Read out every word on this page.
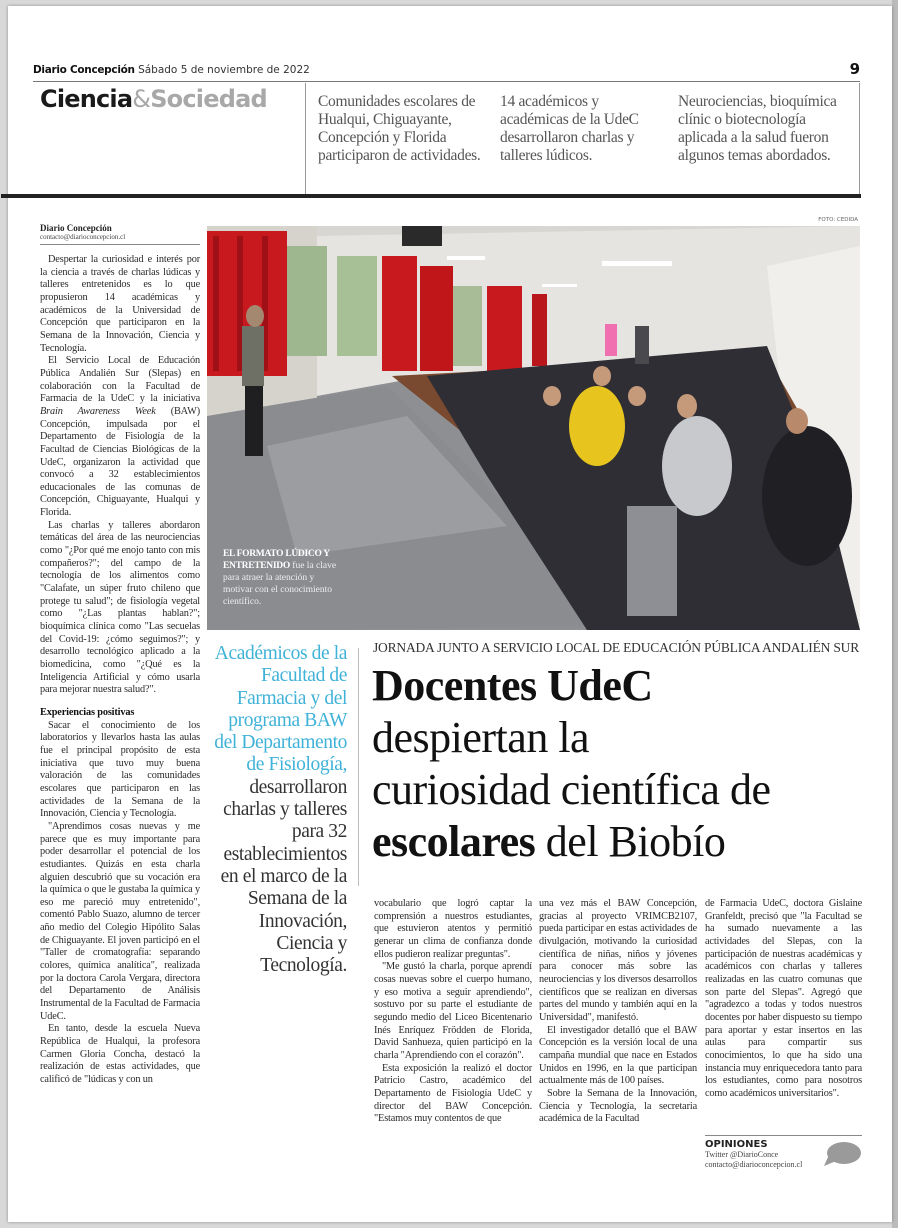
Diario Concepción Sábado 5 de noviembre de 2022	9
Ciencia&Sociedad	Comunidades escolares de Hualqui, Chiguayante, Concepción y Florida participaron de actividades.
14 académicos y académicas de la UdeC desarrollaron charlas y talleres lúdicos.
Neurociencias, bioquímica clínic o biotecnología aplicada a la salud fueron algunos temas abordados.
Diario Concepción
contacto@diarioconcepcion.cl
FOTO: CEDIDA
EL FORMATO LÚDICO Y ENTRETENIDO fue la clave para atraer la atención y motivar con el conocimiento científico.

Despertar la curiosidad e interés por la ciencia a través de charlas lúdicas y talleres entretenidos es lo que propusieron 14 académicas y académicos de la Universidad de Concepción que participaron en la Semana de la Innovación, Ciencia y Tecnología.

El Servicio Local de Educación Pública Andalién Sur (Slepas) en colaboración con la Facultad de Farmacia de la UdeC y la iniciativa Brain Awareness Week (BAW) Concepción, impulsada por el Departamento de Fisiología de la Facultad de Ciencias Biológicas de la UdeC, organizaron la actividad que convocó a 32 establecimientos educacionales de las comunas de Concepción, Chiguayante, Hualqui y Florida.

Las charlas y talleres abordaron temáticas del área de las neurociencias como "¿Por qué me enojo tanto con mis compañeros?"; del campo de la tecnología de los alimentos como "Calafate, un súper fruto chileno que protege tu salud"; de fisiología vegetal como "¿Las plantas hablan?"; bioquímica clínica como "Las secuelas del Covid-19: ¿cómo seguimos?"; y desarrollo tecnológico aplicado a la biomedicina, como "¿Qué es la Inteligencia Artificial y cómo usarla para mejorar nuestra salud?".

Experiencias positivas

Sacar el conocimiento de los laboratorios y llevarlos hasta las aulas fue el principal propósito de esta iniciativa que tuvo muy buena valoración de las comunidades escolares que participaron en las actividades de la Semana de la Innovación, Ciencia y Tecnología.

"Aprendimos cosas nuevas y me parece que es muy importante para poder desarrollar el potencial de los estudiantes. Quizás en esta charla alguien descubrió que su vocación era la química o que le gustaba la química y eso me pareció muy entretenido", comentó Pablo Suazo, alumno de tercer año medio del Colegio Hipólito Salas de Chiguayante. El joven participó en el "Taller de cromatografía: separando colores, química analítica", realizada por la doctora Carola Vergara, directora del Departamento de Análisis Instrumental de la Facultad de Farmacia UdeC.

En tanto, desde la escuela Nueva República de Hualqui, la profesora Carmen Gloria Concha, destacó la realización de estas actividades, que calificó de "lúdicas y con un

Académicos de la Facultad de Farmacia y del programa BAW del Departamento de Fisiología, desarrollaron charlas y talleres para 32 establecimientos en el marco de la Semana de la Innovación, Ciencia y Tecnología.
JORNADA JUNTO A SERVICIO LOCAL DE EDUCACIÓN PÚBLICA ANDALIÉN SUR
Docentes UdeC
despiertan la
curiosidad científica de
escolares del Biobío

vocabulario que logró captar la comprensión a nuestros estudiantes, que estuvieron atentos y permitió generar un clima de confianza donde ellos pudieron realizar preguntas".

"Me gustó la charla, porque aprendí cosas nuevas sobre el cuerpo humano, y eso motiva a seguir aprendiendo", sostuvo por su parte el estudiante de segundo medio del Liceo Bicentenario Inés Enríquez Frödden de Florida, David Sanhueza, quien participó en la charla "Aprendiendo con el corazón".

Esta exposición la realizó el doctor Patricio Castro, académico del Departamento de Fisiología UdeC y director del BAW Concepción. "Estamos muy contentos de que

una vez más el BAW Concepción, gracias al proyecto VRIMCB2107, pueda participar en estas actividades de divulgación, motivando la curiosidad científica de niñas, niños y jóvenes para conocer más sobre las neurociencias y los diversos desarrollos científicos que se realizan en diversas partes del mundo y también aquí en la Universidad", manifestó.

El investigador detalló que el BAW Concepción es la versión local de una campaña mundial que nace en Estados Unidos en 1996, en la que participan actualmente más de 100 países.

Sobre la Semana de la Innovación, Ciencia y Tecnología, la secretaria académica de la Facultad

de Farmacia UdeC, doctora Gislaine Granfeldt, precisó que "la Facultad se ha sumado nuevamente a las actividades del Slepas, con la participación de nuestras académicas y académicos con charlas y talleres realizadas en las cuatro comunas que son parte del Slepas". Agregó que "agradezco a todas y todos nuestros docentes por haber dispuesto su tiempo para aportar y estar insertos en las aulas para compartir sus conocimientos, lo que ha sido una instancia muy enriquecedora tanto para los estudiantes, como para nosotros como académicos universitarios".

OPINIONES
Twitter @DiarioConce
contacto@diarioconcepcion.cl
